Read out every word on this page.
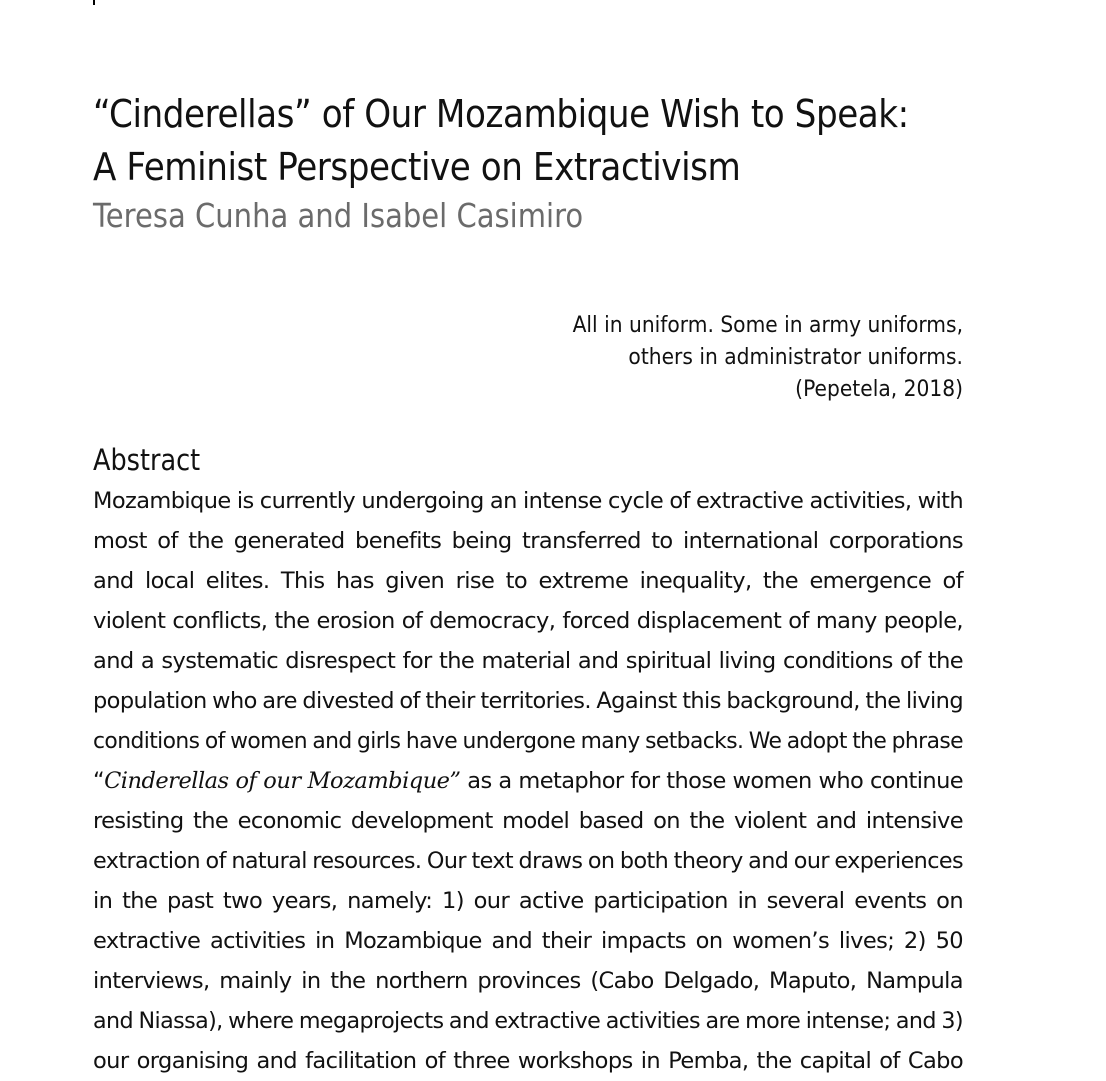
“Cinderellas” of Our Mozambique Wish to Speak:
A Feminist Perspective on Extractivism

Teresa Cunha and Isabel Casimiro

All in uniform. Some in army uniforms,
others in administrator uniforms.
(Pepetela, 2018)
Abstract
Mozambique is currently undergoing an intense cycle of extractive activities, with
most of the generated benefits being transferred to international corporations
and local elites. This has given rise to extreme inequality, the emergence of
violent conflicts, the erosion of democracy, forced displacement of many people,
and a systematic disrespect for the material and spiritual living conditions of the
population who are divested of their territories. Against this background, the living
conditions of women and girls have undergone many setbacks. We adopt the phrase
“Cinderellas of our Mozambique” as a metaphor for those women who continue
resisting the economic development model based on the violent and intensive
extraction of natural resources. Our text draws on both theory and our experiences
in the past two years, namely: 1) our active participation in several events on
extractive activities in Mozambique and their impacts on women’s lives; 2) 50
interviews, mainly in the northern provinces (Cabo Delgado, Maputo, Nampula
and Niassa), where megaprojects and extractive activities are more intense; and 3)
our organising and facilitation of three workshops in Pemba, the capital of Cabo
